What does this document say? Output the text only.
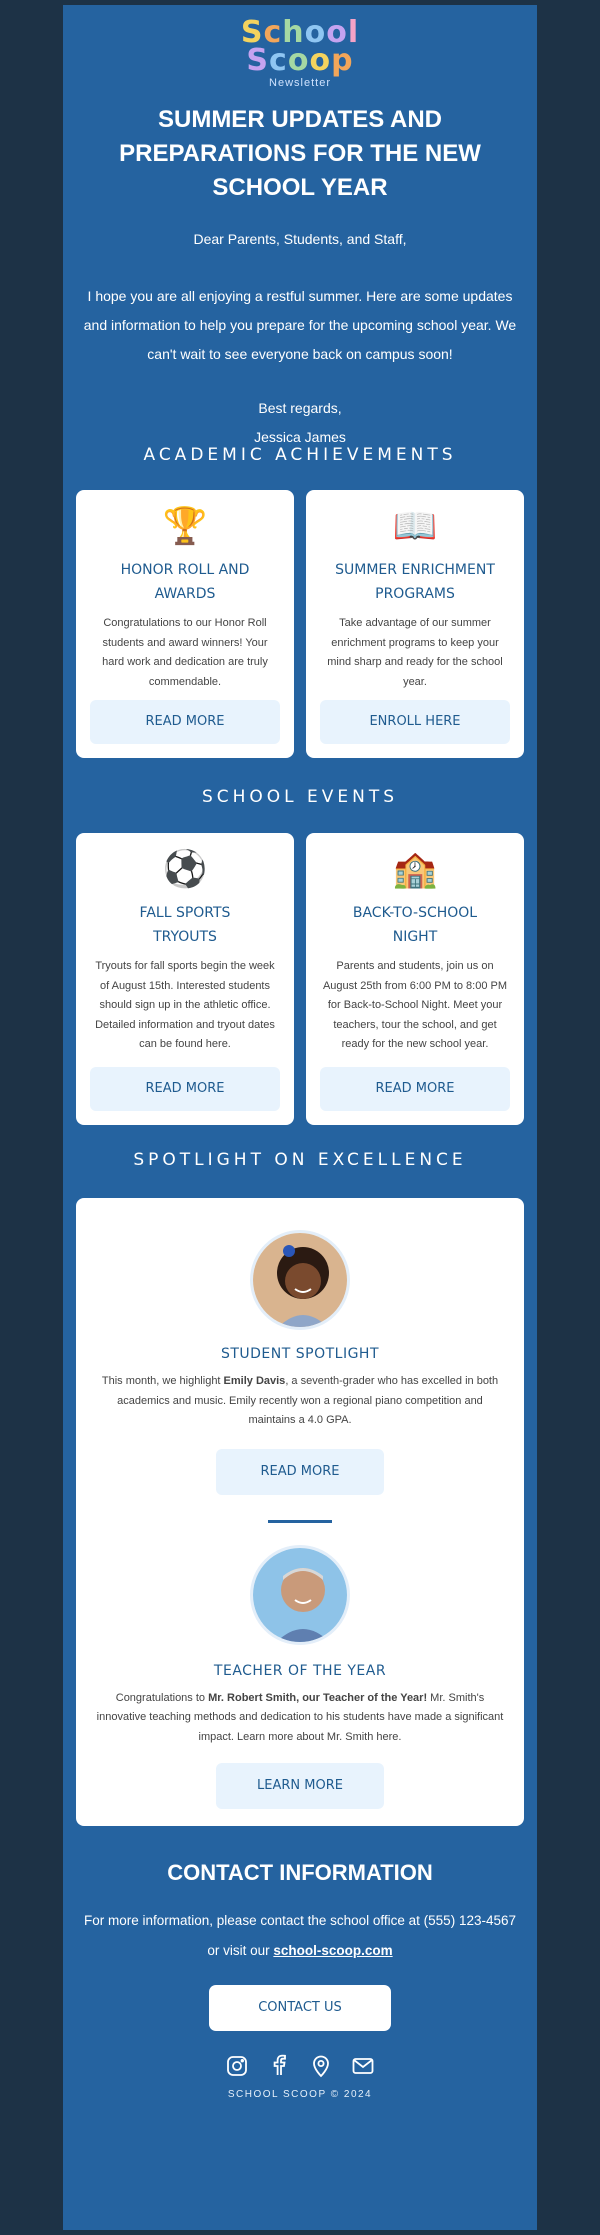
School
Scoop
Newsletter
SUMMER UPDATES AND PREPARATIONS FOR THE NEW SCHOOL YEAR

Dear Parents, Students, and Staff,

I hope you are all enjoying a restful summer. Here are some updates and information to help you prepare for the upcoming school year. We can't wait to see everyone back on campus soon!

Best regards,

Jessica James

ACADEMIC ACHIEVEMENTS
🏆
HONOR ROLL AND AWARDS

Congratulations to our Honor Roll students and award winners! Your hard work and dedication are truly commendable.

READ MORE
📖
SUMMER ENRICHMENT PROGRAMS

Take advantage of our summer enrichment programs to keep your mind sharp and ready for the school year.

ENROLL HERE
SCHOOL EVENTS
⚽
FALL SPORTS TRYOUTS

Tryouts for fall sports begin the week of August 15th. Interested students should sign up in the athletic office. Detailed information and tryout dates can be found here.

READ MORE
🏫
BACK-TO-SCHOOL NIGHT

Parents and students, join us on August 25th from 6:00 PM to 8:00 PM for Back-to-School Night. Meet your teachers, tour the school, and get ready for the new school year.

READ MORE
SPOTLIGHT ON EXCELLENCE
STUDENT SPOTLIGHT

This month, we highlight Emily Davis, a seventh-grader who has excelled in both academics and music. Emily recently won a regional piano competition and maintains a 4.0 GPA.

READ MORE
TEACHER OF THE YEAR

Congratulations to Mr. Robert Smith, our Teacher of the Year! Mr. Smith's innovative teaching methods and dedication to his students have made a significant impact. Learn more about Mr. Smith here.

LEARN MORE
CONTACT INFORMATION
For more information, please contact the school office at (555) 123-4567
or visit our school-scoop.com
CONTACT US
SCHOOL SCOOP © 2024
